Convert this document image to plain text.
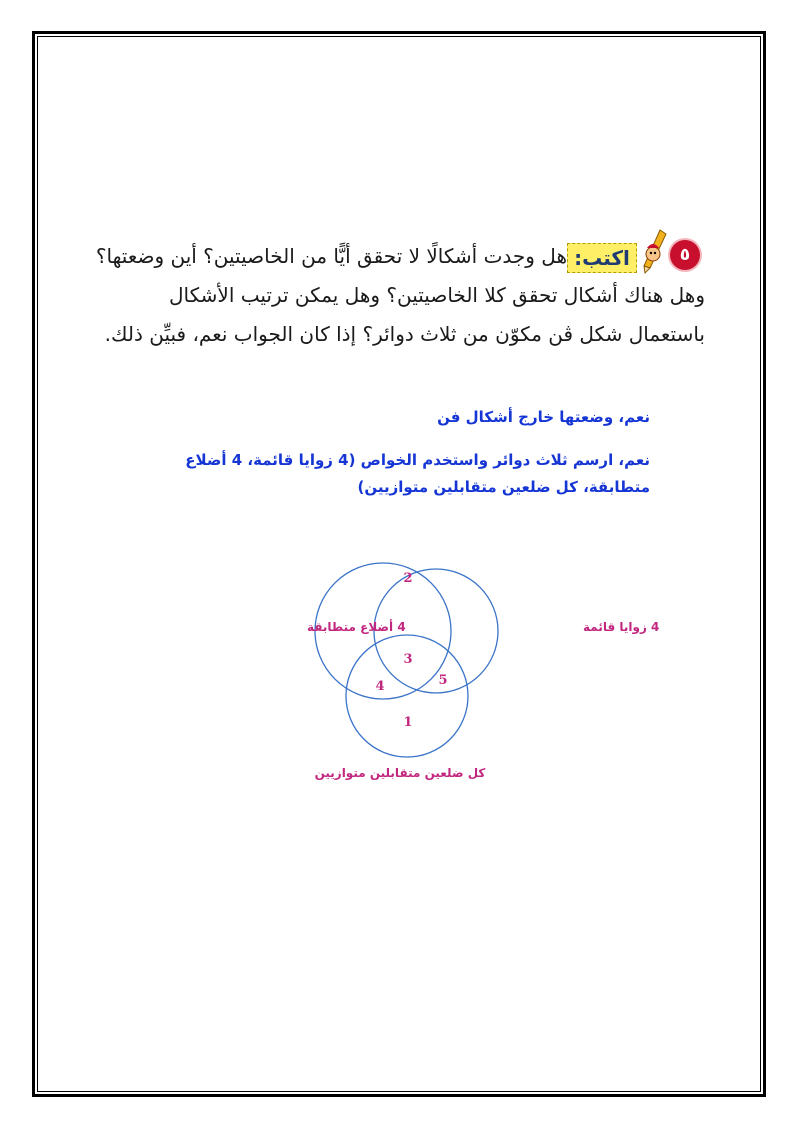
٥
اكتب:
هل وجدت أشكالًا لا تحقق أيًّا من الخاصيتين؟ أين وضعتها؟
وهل هناك أشكال تحقق كلا الخاصيتين؟ وهل يمكن ترتيب الأشكال
باستعمال شكل ڤن مكوّن من ثلاث دوائر؟ إذا كان الجواب نعم، فبيِّن ذلك.
نعم، وضعتها خارج أشكال فن
نعم، ارسم ثلاث دوائر واستخدم الخواص (4 زوايا قائمة، 4 أضلاع
متطابقة، كل ضلعين متقابلين متوازيين)
4 أضلاع متطابقة	4 زوايا قائمة
كل ضلعين متقابلين متوازيين
2
3
4	5
1
